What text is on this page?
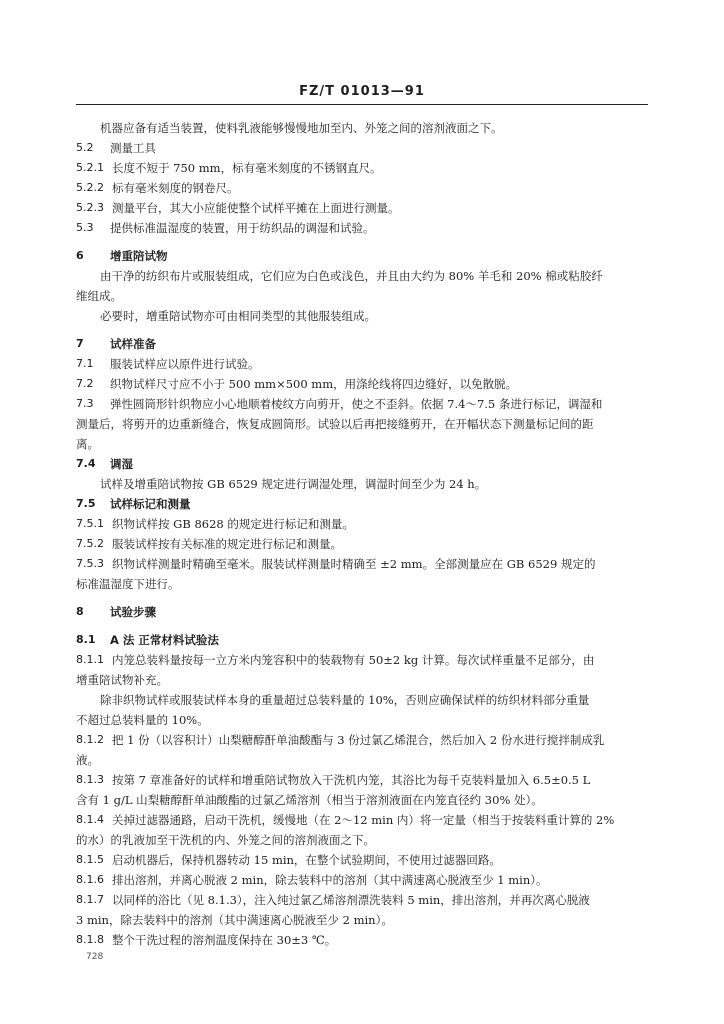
FZ/T 01013—91

机器应备有适当装置，使料乳液能够慢慢地加至内、外笼之间的溶剂液面之下。

5.2	测量工具
5.2.1 长度不短于 750 mm，标有毫米刻度的不锈钢直尺。
5.2.2 标有毫米刻度的钢卷尺。
5.2.3 测量平台，其大小应能使整个试样平摊在上面进行测量。
5.3	提供标准温湿度的装置，用于纺织品的调湿和试验。
6	增重陪试物

由干净的纺织布片或服装组成，它们应为白色或浅色，并且由大约为 80% 羊毛和 20% 棉或粘胶纤

维组成。

必要时，增重陪试物亦可由相同类型的其他服装组成。

7	试样准备
7.1	服装试样应以原件进行试验。
7.2	织物试样尺寸应不小于 500 mm×500 mm，用涤纶线将四边缝好，以免散脱。
7.3	弹性圆筒形针织物应小心地顺着棱纹方向剪开，使之不歪斜。依据 7.4～7.5 条进行标记，调湿和

测量后，将剪开的边重新缝合，恢复成圆筒形。试验以后再把接缝剪开，在开幅状态下测量标记间的距

离。

7.4	调湿

试样及增重陪试物按 GB 6529 规定进行调湿处理，调湿时间至少为 24 h。

7.5	试样标记和测量
7.5.1 织物试样按 GB 8628 的规定进行标记和测量。
7.5.2 服装试样按有关标准的规定进行标记和测量。
7.5.3 织物试样测量时精确至毫米。服装试样测量时精确至 ±2 mm。全部测量应在 GB 6529 规定的

标准温湿度下进行。

8	试验步骤
8.1	A 法 正常材料试验法
8.1.1 内笼总装料量按每一立方米内笼容积中的装载物有 50±2 kg 计算。每次试样重量不足部分，由

增重陪试物补充。

除非织物试样或服装试样本身的重量超过总装料量的 10%，否则应确保试样的纺织材料部分重量

不超过总装料量的 10%。

8.1.2 把 1 份（以容积计）山梨糖醇酐单油酸酯与 3 份过氯乙烯混合，然后加入 2 份水进行搅拌制成乳

液。

8.1.3 按第 7 章准备好的试样和增重陪试物放入干洗机内笼，其浴比为每千克装料量加入 6.5±0.5 L

含有 1 g/L 山梨糖醇酐单油酸酯的过氯乙烯溶剂（相当于溶剂液面在内笼直径约 30% 处）。

8.1.4 关掉过滤器通路，启动干洗机，缓慢地（在 2～12 min 内）将一定量（相当于按装料重计算的 2%

的水）的乳液加至干洗机的内、外笼之间的溶剂液面之下。

8.1.5 启动机器后，保持机器转动 15 min，在整个试验期间，不使用过滤器回路。
8.1.6 排出溶剂，并离心脱液 2 min，除去装料中的溶剂（其中满速离心脱液至少 1 min）。
8.1.7 以同样的浴比（见 8.1.3），注入纯过氯乙烯溶剂漂洗装料 5 min，排出溶剂，并再次离心脱液

3 min，除去装料中的溶剂（其中满速离心脱液至少 2 min）。

8.1.8 整个干洗过程的溶剂温度保持在 30±3 ℃。
728
